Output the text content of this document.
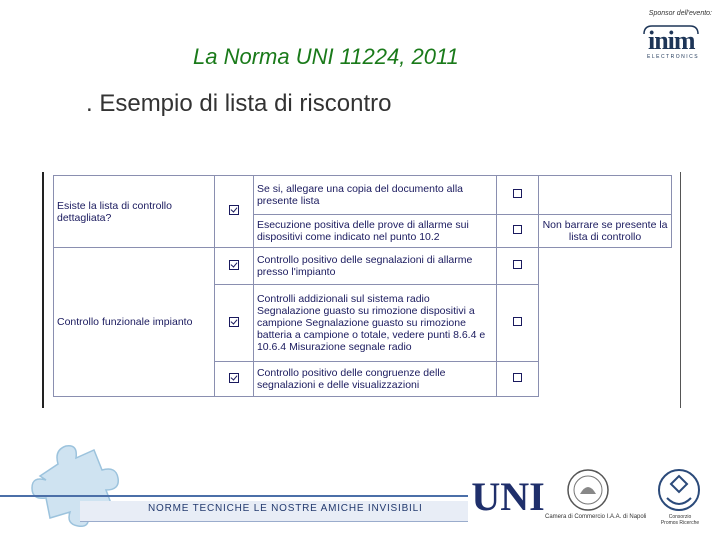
Sponsor dell'evento:
inim
ELECTRONICS
La Norma UNI 11224, 2011
. Esempio di lista di riscontro
Esiste la lista di controllo dettagliata?		Se si, allegare una copia del documento alla presente lista		
		Esecuzione positiva delle prove di allarme sui dispositivi come indicato nel punto 10.2		Non barrare se presente la lista di controllo
Controllo funzionale impianto		Controllo positivo delle segnalazioni di allarme presso l'impianto		
		Controlli addizionali sul sistema radio Segnalazione guasto su rimozione dispositivi a campione Segnalazione guasto su rimozione batteria a campione o totale, vedere punti 8.6.4 e 10.6.4 Misurazione segnale radio		
		Controllo positivo delle congruenze delle segnalazioni e delle visualizzazioni		
NORME TECNICHE LE NOSTRE AMICHE INVISIBILI UNI Camera di Commercio I.A.A. di Napoli	Consorzio Promos Ricerche
